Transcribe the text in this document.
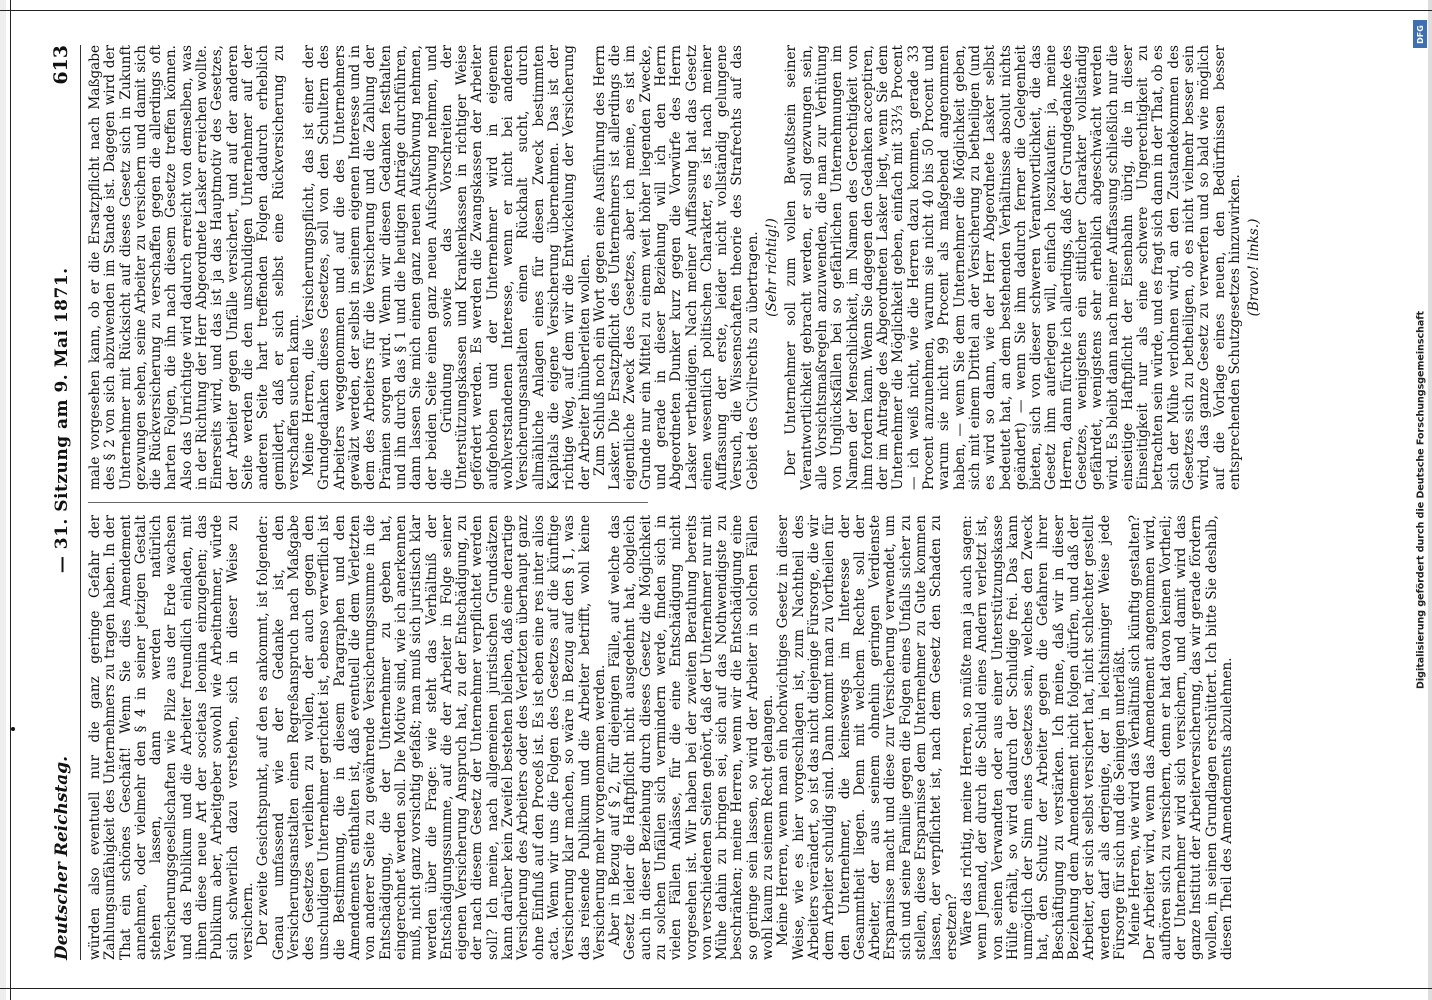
Deutscher Reichstag.
— 31. Sitzung am 9. Mai 1871.
613

würden also eventuell nur die ganz geringe Gefahr der Zahlungsunfähigkeit des Unternehmers zu tragen haben. In der That ein schönes Geschäft! Wenn Sie dies Amendement annehmen, oder vielmehr den § 4 in seiner jetzigen Gestalt stehen lassen, dann werden natürlich Versicherungsgesellschaften wie Pilze aus der Erde wachsen und das Publikum und die Arbeiter freundlich einladen, mit ihnen diese neue Art der societas leonina einzugehen; das Publikum aber, Arbeitgeber sowohl wie Arbeitnehmer, würde sich schwerlich dazu verstehen, sich in dieser Weise zu versichern. Der zweite Gesichtspunkt, auf den es ankommt, ist folgender: Genau umfassend wie der Gedanke ist, den Versicherungsanstalten einen Regreßanspruch nach Maßgabe des Gesetzes verleihen zu wollen, der auch gegen den unschuldigen Unternehmer gerichtet ist, ebenso verwerflich ist die Bestimmung, die in diesem Paragraphen und den Amendements enthalten ist, daß eventuell die dem Verletzten von anderer Seite zu gewährende Versicherungssumme in die Entschädigung, die der Unternehmer zu geben hat, eingerechnet werden soll. Die Motive sind, wie ich anerkennen muß, nicht ganz vorsichtig gefaßt; man muß sich juristisch klar werden über die Frage: wie steht das Verhältniß der Entschädigungssumme, auf die der Arbeiter in Folge seiner eigenen Versicherung Anspruch hat, zu der Entschädigung, zu der nach diesem Gesetz der Unternehmer verpflichtet werden soll? Ich meine, nach allgemeinen juristischen Grundsätzen kann darüber kein Zweifel bestehen bleiben, daß eine derartige Versicherung des Arbeiters oder des Verletzten überhaupt ganz ohne Einfluß auf den Proceß ist. Es ist eben eine res inter alios acta. Wenn wir uns die Folgen des Gesetzes auf die künftige Versicherung klar machen, so wäre in Bezug auf den § 1, was das reisende Publikum und die Arbeiter betrifft, wohl keine Versicherung mehr vorgenommen werden. Aber in Bezug auf § 2, für diejenigen Fälle, auf welche das Gesetz leider die Haftpflicht nicht ausgedehnt hat, obgleich auch in dieser Beziehung durch dieses Gesetz die Möglichkeit zu solchen Unfällen sich vermindern werde, finden sich in vielen Fällen Anlässe, für die eine Entschädigung nicht vorgesehen ist. Wir haben bei der zweiten Berathung bereits von verschiedenen Seiten gehört, daß der Unternehmer nur mit Mühe dahin zu bringen sei, sich auf das Nothwendigste zu beschränken; meine Herren, wenn wir die Entschädigung eine so geringe sein lassen, so wird der Arbeiter in solchen Fällen wohl kaum zu seinem Recht gelangen. Meine Herren, wenn man ein hochwichtiges Gesetz in dieser Weise, wie es hier vorgeschlagen ist, zum Nachtheil des Arbeiters verändert, so ist das nicht diejenige Fürsorge, die wir dem Arbeiter schuldig sind. Dann kommt man zu Vortheilen für den Unternehmer, die keineswegs im Interesse der Gesammtheit liegen. Denn mit welchem Rechte soll der Arbeiter, der aus seinem ohnehin geringen Verdienste Ersparnisse macht und diese zur Versicherung verwendet, um sich und seine Familie gegen die Folgen eines Unfalls sicher zu stellen, diese Ersparnisse dem Unternehmer zu Gute kommen lassen, der verpflichtet ist, nach dem Gesetz den Schaden zu ersetzen? Wäre das richtig, meine Herren, so müßte man ja auch sagen: wenn Jemand, der durch die Schuld eines Andern verletzt ist, von seinen Verwandten oder aus einer Unterstützungskasse Hülfe erhält, so wird dadurch der Schuldige frei. Das kann unmöglich der Sinn eines Gesetzes sein, welches den Zweck hat, den Schutz der Arbeiter gegen die Gefahren ihrer Beschäftigung zu verstärken. Ich meine, daß wir in dieser Beziehung dem Amendement nicht folgen dürfen, und daß der Arbeiter, der sich selbst versichert hat, nicht schlechter gestellt werden darf als derjenige, der in leichtsinniger Weise jede Fürsorge für sich und die Seinigen unterläßt. Meine Herren, wie wird das Verhältniß sich künftig gestalten? Der Arbeiter wird, wenn das Amendement angenommen wird, aufhören sich zu versichern, denn er hat davon keinen Vortheil; der Unternehmer wird sich versichern, und damit wird das ganze Institut der Arbeiterversicherung, das wir gerade fördern wollen, in seinen Grundlagen erschüttert. Ich bitte Sie deshalb, diesen Theil des Amendements abzulehnen.

male vorgesehen kann, ob er die Ersatzpflicht nach Maßgabe des § 2 von sich abzuwenden im Stande ist. Dagegen wird der Unternehmer mit Rücksicht auf dieses Gesetz sich in Zukunft gezwungen sehen, seine Arbeiter zu versichern und damit sich die Rückversicherung zu verschaffen gegen die allerdings oft harten Folgen, die ihn nach diesem Gesetze treffen können. Also das Unrichtige wird dadurch erreicht von demselben, was in der Richtung der Herr Abgeordnete Lasker erreichen wollte. Einerseits wird, und das ist ja das Hauptmotiv des Gesetzes, der Arbeiter gegen Unfälle versichert, und auf der anderen Seite werden die den unschuldigen Unternehmer auf der anderen Seite hart treffenden Folgen dadurch erheblich gemildert, daß er sich selbst eine Rückversicherung zu verschaffen suchen kann. Meine Herren, die Versicherungspflicht, das ist einer der Grundgedanken dieses Gesetzes, soll von den Schultern des Arbeiters weggenommen und auf die des Unternehmers gewälzt werden, der selbst in seinem eigenen Interesse und in dem des Arbeiters für die Versicherung und die Zahlung der Prämien sorgen wird. Wenn wir diesen Gedanken festhalten und ihn durch das § 1 und die heutigen Anträge durchführen, dann lassen Sie mich einen ganz neuen Aufschwung nehmen, der beiden Seite einen ganz neuen Aufschwung nehmen, und die Gründung sowie das Vorschreiten der Unterstützungskassen und Krankenkassen in richtiger Weise gefördert werden. Es werden die Zwangskassen der Arbeiter aufgehoben und der Unternehmer wird in eigenem wohlverstandenen Interesse, wenn er nicht bei anderen Versicherungsanstalten einen Rückhalt sucht, durch allmähliche Anlagen eines für diesen Zweck bestimmten Kapitals die eigene Versicherung übernehmen. Das ist der richtige Weg, auf dem wir die Entwickelung der Versicherung der Arbeiter hinüberleiten wollen. Zum Schluß noch ein Wort gegen eine Ausführung des Herrn Lasker. Die Ersatzpflicht des Unternehmers ist allerdings die eigentliche Zweck des Gesetzes, aber ich meine, es ist im Grunde nur ein Mittel zu einem weit höher liegenden Zwecke, und gerade in dieser Beziehung will ich den Herrn Abgeordneten Dunker kurz gegen die Vorwürfe des Herrn Lasker vertheidigen. Nach meiner Auffassung hat das Gesetz einen wesentlich politischen Charakter, es ist nach meiner Auffassung der erste, leider nicht vollständig gelungene Versuch, die Wissenschaften theorie des Strafrechts auf das Gebiet des Civilrechts zu übertragen. (Sehr richtig!) Der Unternehmer soll zum vollen Bewußtsein seiner Verantwortlichkeit gebracht werden, er soll gezwungen sein, alle Vorsichtsmaßregeln anzuwenden, die man zur Verhütung von Unglücksfällen bei so gefährlichen Unternehmungen im Namen der Menschlichkeit, im Namen des Gerechtigkeit von ihm fordern kann. Wenn Sie dagegen den Gedanken acceptiren, der im Antrage des Abgeordneten Lasker liegt, wenn Sie dem Unternehmer die Möglichkeit geben, einfach mit 33⅓ Procent — ich weiß nicht, wie die Herren dazu kommen, gerade 33 Procent anzunehmen, warum sie nicht 40 bis 50 Procent und warum sie nicht 99 Procent als maßgebend angenommen haben, — wenn Sie dem Unternehmer die Möglichkeit geben, sich mit einem Drittel an der Versicherung zu betheiligen (und es wird so dann, wie der Herr Abgeordnete Lasker selbst bedeutet hat, an dem bestehenden Verhältnisse absolut nichts geändert) — wenn Sie ihm dadurch ferner die Gelegenheit bieten, sich von dieser schweren Verantwortlichkeit, die das Gesetz ihm auferlegen will, einfach loszukaufen: ja, meine Herren, dann fürchte ich allerdings, daß der Grundgedanke des Gesetzes, wenigstens ein sittlicher Charakter vollständig gefährdet, wenigstens sehr erheblich abgeschwächt werden wird. Es bleibt dann nach meiner Auffassung schließlich nur die einseitige Haftpflicht der Eisenbahn übrig, die in dieser Einseitigkeit nur als eine schwere Ungerechtigkeit zu betrachten sein würde, und es fragt sich dann in der That, ob es sich der Mühe verlohnen wird, an den Zustandekommen des Gesetzes sich zu betheiligen, ob es nicht vielmehr besser sein wird, das ganze Gesetz zu verwerfen und so bald wie möglich auf die Vorlage eines neuen, den Bedürfnissen besser entsprechenden Schutzgesetzes hinzuwirken. (Bravo! links.)

Digitalisierung gefördert durch die Deutsche Forschungsgemeinschaft
DFG
